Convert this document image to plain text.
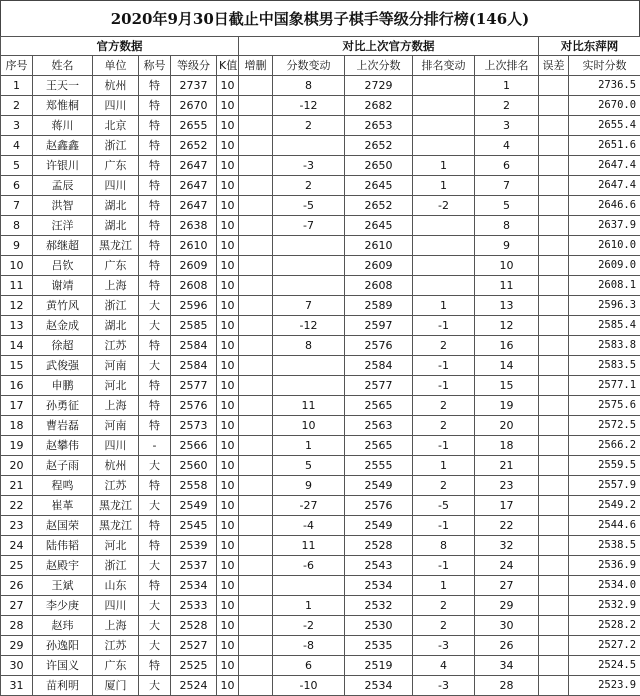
2020年9月30日截止中国象棋男子棋手等级分排行榜(146人)
官方数据						对比上次官方数据					对比东萍网	
序号	姓名	单位	称号	等级分	K值	增删	分数变动	上次分数	排名变动	上次排名	误差	实时分数
1	王天一	杭州	特	2737	10		8	2729		1		2736.5
2	郑惟桐	四川	特	2670	10		-12	2682		2		2670.0
3	蒋川	北京	特	2655	10		2	2653		3		2655.4
4	赵鑫鑫	浙江	特	2652	10			2652		4		2651.6
5	许银川	广东	特	2647	10		-3	2650	1	6		2647.4
6	孟辰	四川	特	2647	10		2	2645	1	7		2647.4
7	洪智	湖北	特	2647	10		-5	2652	-2	5		2646.6
8	汪洋	湖北	特	2638	10		-7	2645		8		2637.9
9	郝继超	黑龙江	特	2610	10			2610		9		2610.0
10	吕钦	广东	特	2609	10			2609		10		2609.0
11	谢靖	上海	特	2608	10			2608		11		2608.1
12	黄竹风	浙江	大	2596	10		7	2589	1	13		2596.3
13	赵金成	湖北	大	2585	10		-12	2597	-1	12		2585.4
14	徐超	江苏	特	2584	10		8	2576	2	16		2583.8
15	武俊强	河南	大	2584	10			2584	-1	14		2583.5
16	申鹏	河北	特	2577	10			2577	-1	15		2577.1
17	孙勇征	上海	特	2576	10		11	2565	2	19		2575.6
18	曹岩磊	河南	特	2573	10		10	2563	2	20		2572.5
19	赵攀伟	四川	-	2566	10		1	2565	-1	18		2566.2
20	赵子雨	杭州	大	2560	10		5	2555	1	21		2559.5
21	程鸣	江苏	特	2558	10		9	2549	2	23		2557.9
22	崔革	黑龙江	大	2549	10		-27	2576	-5	17		2549.2
23	赵国荣	黑龙江	特	2545	10		-4	2549	-1	22		2544.6
24	陆伟韬	河北	特	2539	10		11	2528	8	32		2538.5
25	赵殿宇	浙江	大	2537	10		-6	2543	-1	24		2536.9
26	王斌	山东	特	2534	10			2534	1	27		2534.0
27	李少庚	四川	大	2533	10		1	2532	2	29		2532.9
28	赵玮	上海	大	2528	10		-2	2530	2	30		2528.2
29	孙逸阳	江苏	大	2527	10		-8	2535	-3	26		2527.2
30	许国义	广东	特	2525	10		6	2519	4	34		2524.5
31	苗利明	厦门	大	2524	10		-10	2534	-3	28		2523.9
